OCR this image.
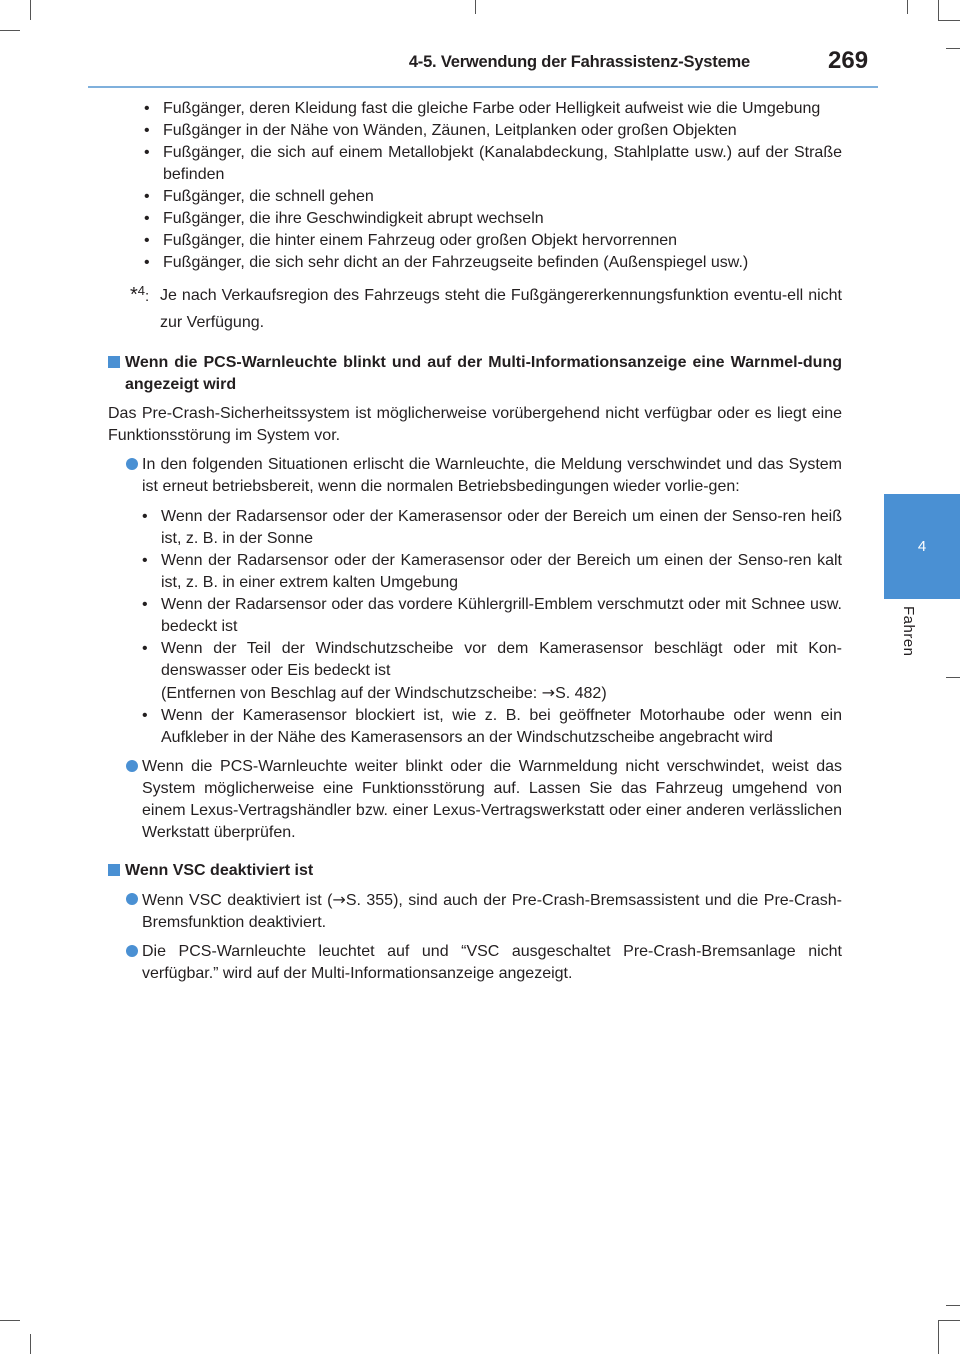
4-5. Verwendung der Fahrassistenz-Systeme	269
4
Fahren

• Fußgänger, deren Kleidung fast die gleiche Farbe oder Helligkeit aufweist wie die Umgebung

• Fußgänger in der Nähe von Wänden, Zäunen, Leitplanken oder großen Objekten

• Fußgänger, die sich auf einem Metallobjekt (Kanalabdeckung, Stahlplatte usw.) auf der Straße befinden

• Fußgänger, die schnell gehen

• Fußgänger, die ihre Geschwindigkeit abrupt wechseln

• Fußgänger, die hinter einem Fahrzeug oder großen Objekt hervorrennen

• Fußgänger, die sich sehr dicht an der Fahrzeugseite befinden (Außenspiegel usw.)

*$^4$: Je nach Verkaufsregion des Fahrzeugs steht die Fußgängererkennungsfunktion eventu-ell nicht zur Verfügung.

Wenn die PCS-Warnleuchte blinkt und auf der Multi-Informationsanzeige eine Warnmel-dung angezeigt wird

Das Pre-Crash-Sicherheitssystem ist möglicherweise vorübergehend nicht verfügbar oder es liegt eine Funktionsstörung im System vor.

In den folgenden Situationen erlischt die Warnleuchte, die Meldung verschwindet und das System ist erneut betriebsbereit, wenn die normalen Betriebsbedingungen wieder vorlie-gen:

• Wenn der Radarsensor oder der Kamerasensor oder der Bereich um einen der Senso-ren heiß ist, z. B. in der Sonne

• Wenn der Radarsensor oder der Kamerasensor oder der Bereich um einen der Senso-ren kalt ist, z. B. in einer extrem kalten Umgebung

• Wenn der Radarsensor oder das vordere Kühlergrill-Emblem verschmutzt oder mit Schnee usw. bedeckt ist

• Wenn der Teil der Windschutzscheibe vor dem Kamerasensor beschlägt oder mit Kon-denswasser oder Eis bedeckt ist
(Entfernen von Beschlag auf der Windschutzscheibe: →S. 482)

• Wenn der Kamerasensor blockiert ist, wie z. B. bei geöffneter Motorhaube oder wenn ein Aufkleber in der Nähe des Kamerasensors an der Windschutzscheibe angebracht wird

Wenn die PCS-Warnleuchte weiter blinkt oder die Warnmeldung nicht verschwindet, weist das System möglicherweise eine Funktionsstörung auf. Lassen Sie das Fahrzeug umgehend von einem Lexus-Vertragshändler bzw. einer Lexus-Vertragswerkstatt oder einer anderen verlässlichen Werkstatt überprüfen.

Wenn VSC deaktiviert ist

Wenn VSC deaktiviert ist (→S. 355), sind auch der Pre-Crash-Bremsassistent und die Pre-Crash-Bremsfunktion deaktiviert.

Die PCS-Warnleuchte leuchtet auf und “VSC ausgeschaltet Pre-Crash-Bremsanlage nicht verfügbar.” wird auf der Multi-Informationsanzeige angezeigt.
